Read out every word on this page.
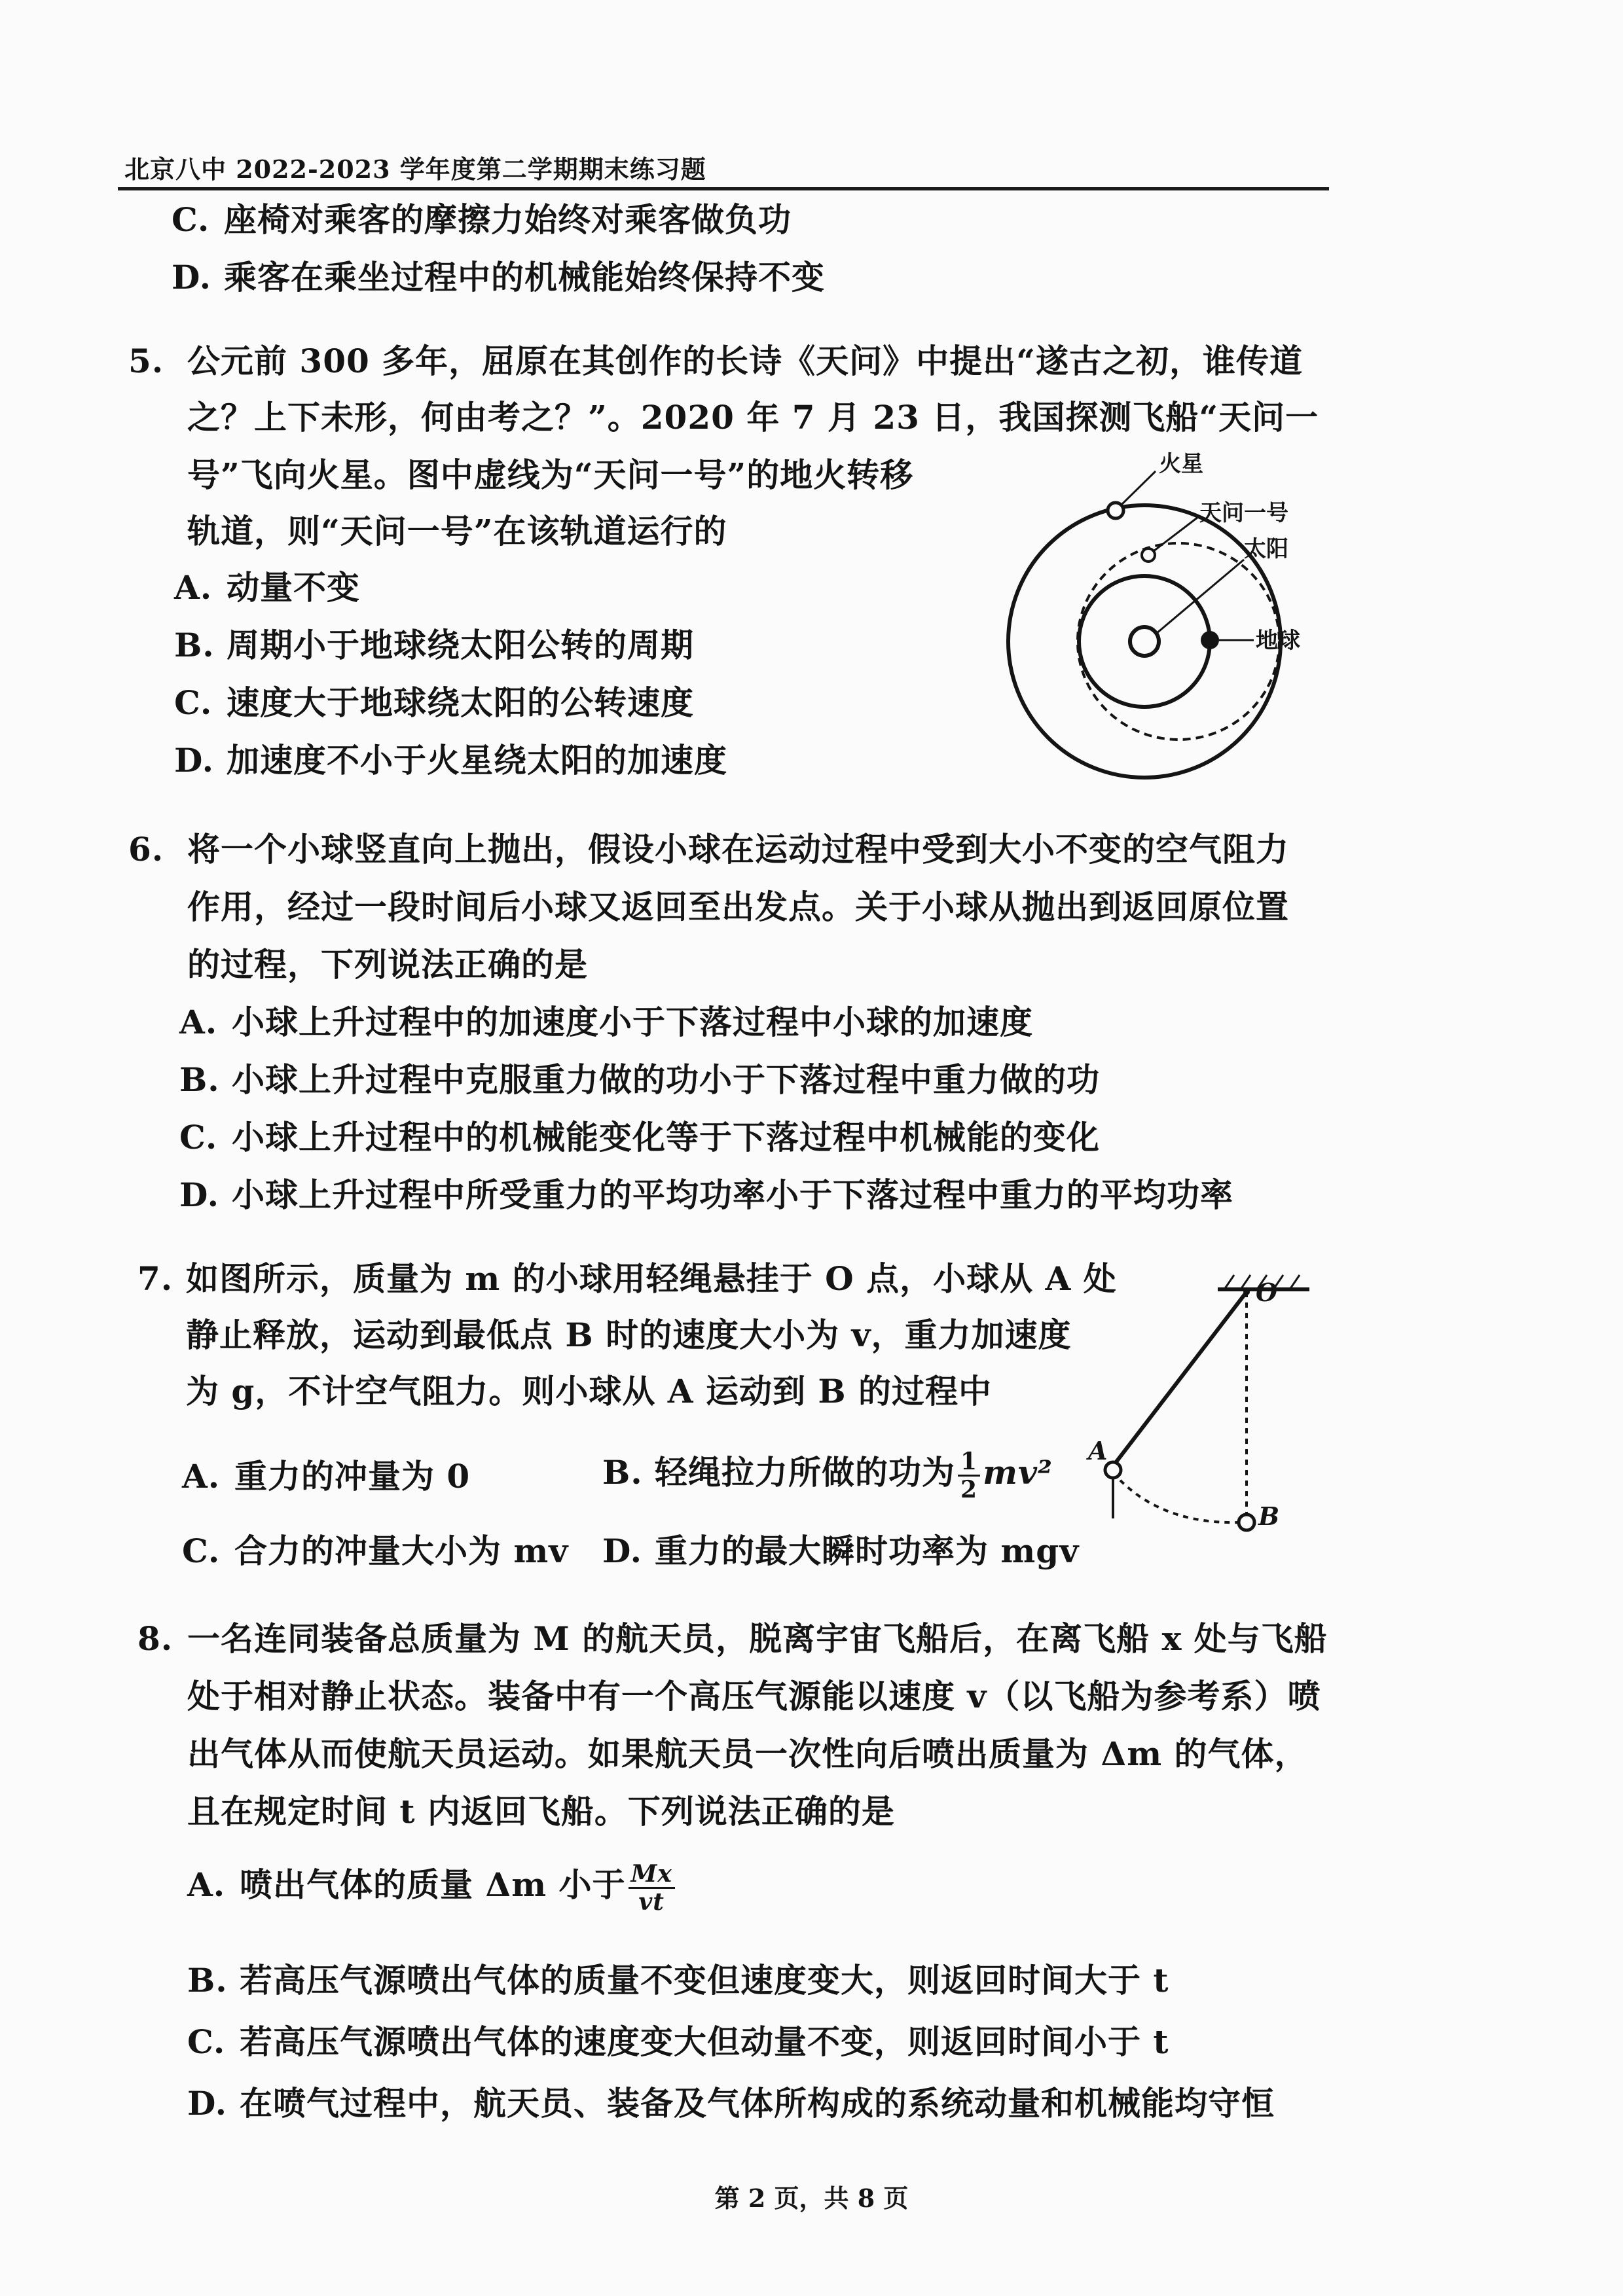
北京八中 2022-2023 学年度第二学期期末练习题
C. 座椅对乘客的摩擦力始终对乘客做负功
D. 乘客在乘坐过程中的机械能始终保持不变
5. 公元前 300 多年，屈原在其创作的长诗《天问》中提出“遂古之初，谁传道
之？上下未形，何由考之？”。2020 年 7 月 23 日，我国探测飞船“天问一
号”飞向火星。图中虚线为“天问一号”的地火转移
轨道，则“天问一号”在该轨道运行的
A. 动量不变
B. 周期小于地球绕太阳公转的周期
C. 速度大于地球绕太阳的公转速度
D. 加速度不小于火星绕太阳的加速度
火星
天问一号
太阳
地球
6. 将一个小球竖直向上抛出，假设小球在运动过程中受到大小不变的空气阻力
作用，经过一段时间后小球又返回至出发点。关于小球从抛出到返回原位置
的过程，下列说法正确的是
A. 小球上升过程中的加速度小于下落过程中小球的加速度
B. 小球上升过程中克服重力做的功小于下落过程中重力做的功
C. 小球上升过程中的机械能变化等于下落过程中机械能的变化
D. 小球上升过程中所受重力的平均功率小于下落过程中重力的平均功率
7. 如图所示，质量为 m 的小球用轻绳悬挂于 O 点，小球从 A 处
静止释放，运动到最低点 B 时的速度大小为 v，重力加速度
为 g，不计空气阻力。则小球从 A 运动到 B 的过程中
A. 重力的冲量为 0	B. 轻绳拉力所做的功为 $\frac{1}{2} mv^2$
C. 合力的冲量大小为 mv D. 重力的最大瞬时功率为 mgv
O
A
B
8. 一名连同装备总质量为 M 的航天员，脱离宇宙飞船后，在离飞船 x 处与飞船
处于相对静止状态。装备中有一个高压气源能以速度 v（以飞船为参考系）喷
出气体从而使航天员运动。如果航天员一次性向后喷出质量为 Δm 的气体，
且在规定时间 t 内返回飞船。下列说法正确的是
A. 喷出气体的质量 Δm 小于 $\frac{Mx}{vt}$
B. 若高压气源喷出气体的质量不变但速度变大，则返回时间大于 t
C. 若高压气源喷出气体的速度变大但动量不变，则返回时间小于 t
D. 在喷气过程中，航天员、装备及气体所构成的系统动量和机械能均守恒
第 2 页，共 8 页
